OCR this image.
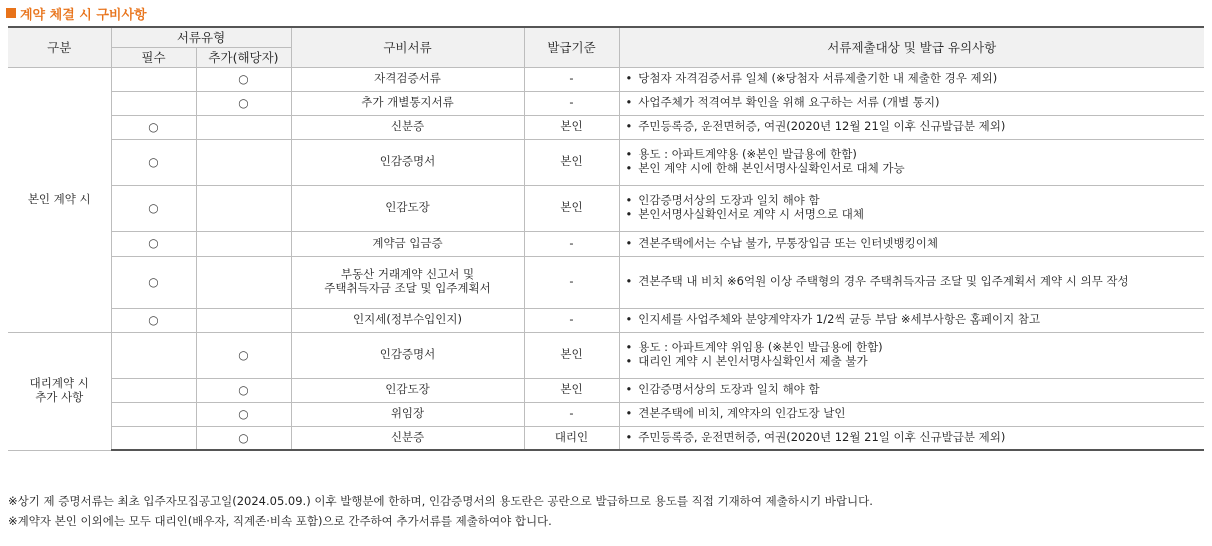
계약 체결 시 구비사항
구분	서류유형		구비서류	발급기준	서류제출대상 및 발급 유의사항
	필수	추가(해당자)			
본인 계약 시		○	자격검증서류	-	• 당첨자 자격검증서류 일체 (※당첨자 서류제출기한 내 제출한 경우 제외)

		○	추가 개별통지서류	-	• 사업주체가 적격여부 확인을 위해 요구하는 서류 (개별 통지)

	○		신분증	본인	• 주민등록증, 운전면허증, 여권(2020년 12월 21일 이후 신규발급분 제외)

	○		인감증명서	본인	• 용도 : 아파트계약용 (※본인 발급용에 한함)
• 본인 계약 시에 한해 본인서명사실확인서로 대체 가능

	○		인감도장	본인	• 인감증명서상의 도장과 일치 해야 함
• 본인서명사실확인서로 계약 시 서명으로 대체

	○		계약금 입금증	-	• 견본주택에서는 수납 불가, 무통장입금 또는 인터넷뱅킹이체

	○		부동산 거래계약 신고서 및
주택취득자금 조달 및 입주계획서	-	• 견본주택 내 비치 ※6억원 이상 주택형의 경우 주택취득자금 조달 및 입주계획서 계약 시 의무 작성

	○		인지세(정부수입인지)	-	• 인지세를 사업주체와 분양계약자가 1/2씩 균등 부담 ※세부사항은 홈페이지 참고

대리계약 시
추가 사항		○	인감증명서	본인	• 용도 : 아파트계약 위임용 (※본인 발급용에 한함)
• 대리인 계약 시 본인서명사실확인서 제출 불가

		○	인감도장	본인	• 인감증명서상의 도장과 일치 해야 함

		○	위임장	-	• 견본주택에 비치, 계약자의 인감도장 날인

		○	신분증	대리인	• 주민등록증, 운전면허증, 여권(2020년 12월 21일 이후 신규발급분 제외)
※상기 제 증명서류는 최초 입주자모집공고일(2024.05.09.) 이후 발행분에 한하며, 인감증명서의 용도란은 공란으로 발급하므로 용도를 직접 기재하여 제출하시기 바랍니다.
※계약자 본인 이외에는 모두 대리인(배우자, 직계존·비속 포함)으로 간주하여 추가서류를 제출하여야 합니다.
